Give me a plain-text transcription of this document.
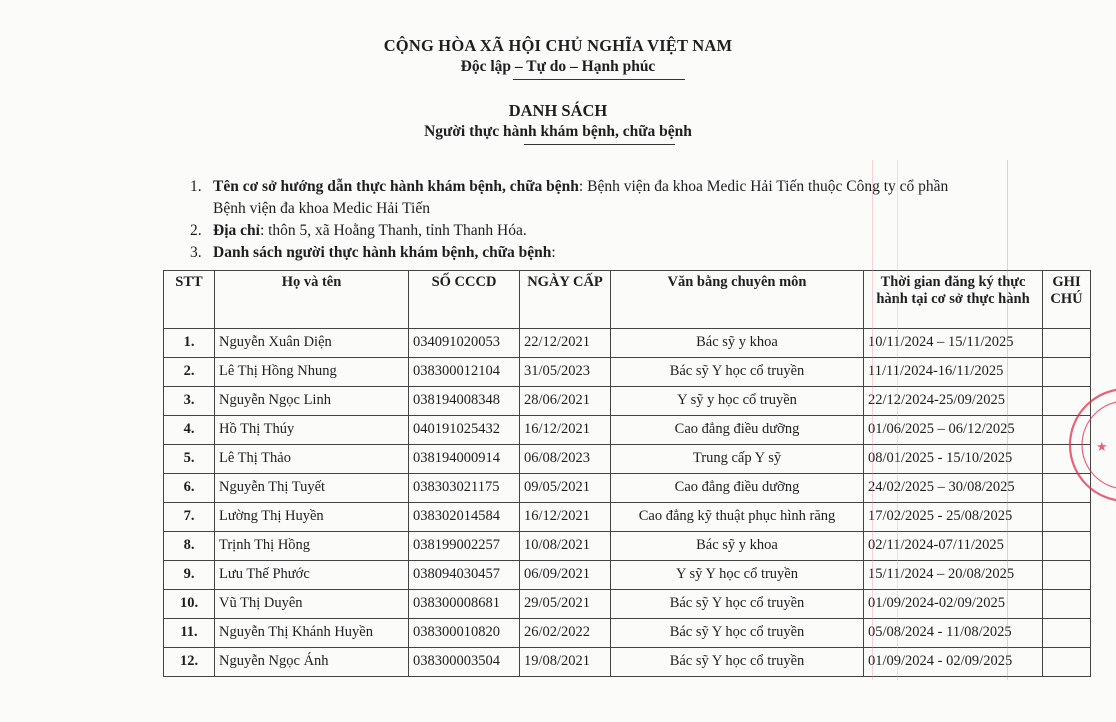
CỘNG HÒA XÃ HỘI CHỦ NGHĨA VIỆT NAM
Độc lập – Tự do – Hạnh phúc
DANH SÁCH
Người thực hành khám bệnh, chữa bệnh
1. Tên cơ sở hướng dẫn thực hành khám bệnh, chữa bệnh: Bệnh viện đa khoa Medic Hải Tiến thuộc Công ty cổ phần
Bệnh viện đa khoa Medic Hải Tiến
2. Địa chỉ: thôn 5, xã Hoằng Thanh, tỉnh Thanh Hóa.
3. Danh sách người thực hành khám bệnh, chữa bệnh:
STT	Họ và tên	SỐ CCCD	NGÀY CẤP	Văn bằng chuyên môn	Thời gian đăng ký thực hành tại cơ sở thực hành	GHI CHÚ
1.	Nguyễn Xuân Diện	034091020053	22/12/2021	Bác sỹ y khoa	10/11/2024 – 15/11/2025	
2.	Lê Thị Hồng Nhung	038300012104	31/05/2023	Bác sỹ Y học cổ truyền	11/11/2024-16/11/2025	
3.	Nguyễn Ngọc Linh	038194008348	28/06/2021	Y sỹ y học cổ truyền	22/12/2024-25/09/2025	
4.	Hồ Thị Thúy	040191025432	16/12/2021	Cao đẳng điều dưỡng	01/06/2025 – 06/12/2025	
5.	Lê Thị Thảo	038194000914	06/08/2023	Trung cấp Y sỹ	08/01/2025 - 15/10/2025	
6.	Nguyễn Thị Tuyết	038303021175	09/05/2021	Cao đẳng điều dưỡng	24/02/2025 – 30/08/2025	
7.	Lường Thị Huyền	038302014584	16/12/2021	Cao đẳng kỹ thuật phục hình răng	17/02/2025 - 25/08/2025	
8.	Trịnh Thị Hồng	038199002257	10/08/2021	Bác sỹ y khoa	02/11/2024-07/11/2025	
9.	Lưu Thế Phước	038094030457	06/09/2021	Y sỹ Y học cổ truyền	15/11/2024 – 20/08/2025	
10.	Vũ Thị Duyên	038300008681	29/05/2021	Bác sỹ Y học cổ truyền	01/09/2024-02/09/2025	
11.	Nguyễn Thị Khánh Huyền	038300010820	26/02/2022	Bác sỹ Y học cổ truyền	05/08/2024 - 11/08/2025	
12.	Nguyễn Ngọc Ánh	038300003504	19/08/2021	Bác sỹ Y học cổ truyền	01/09/2024 - 02/09/2025	
★
